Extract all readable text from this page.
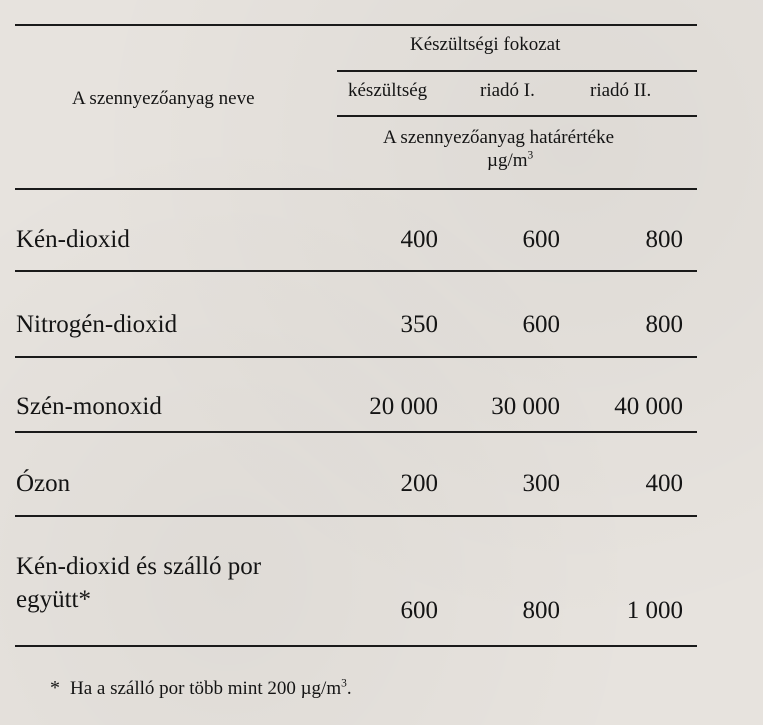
Készültségi fokozat
A szennyezőanyag neve	készültség	riadó I.	riadó II.
A szennyezőanyag határértéke
$\mu g/m^3$
Kén-dioxid	400	600	800
Nitrogén-dioxid	350	600	800
Szén-monoxid	20 000	30 000	40 000
Ózon	200	300	400
Kén-dioxid és szálló por
együtt*	600	800	1 000
* Ha a szálló por több mint 200 $\mu g/m^3$.
